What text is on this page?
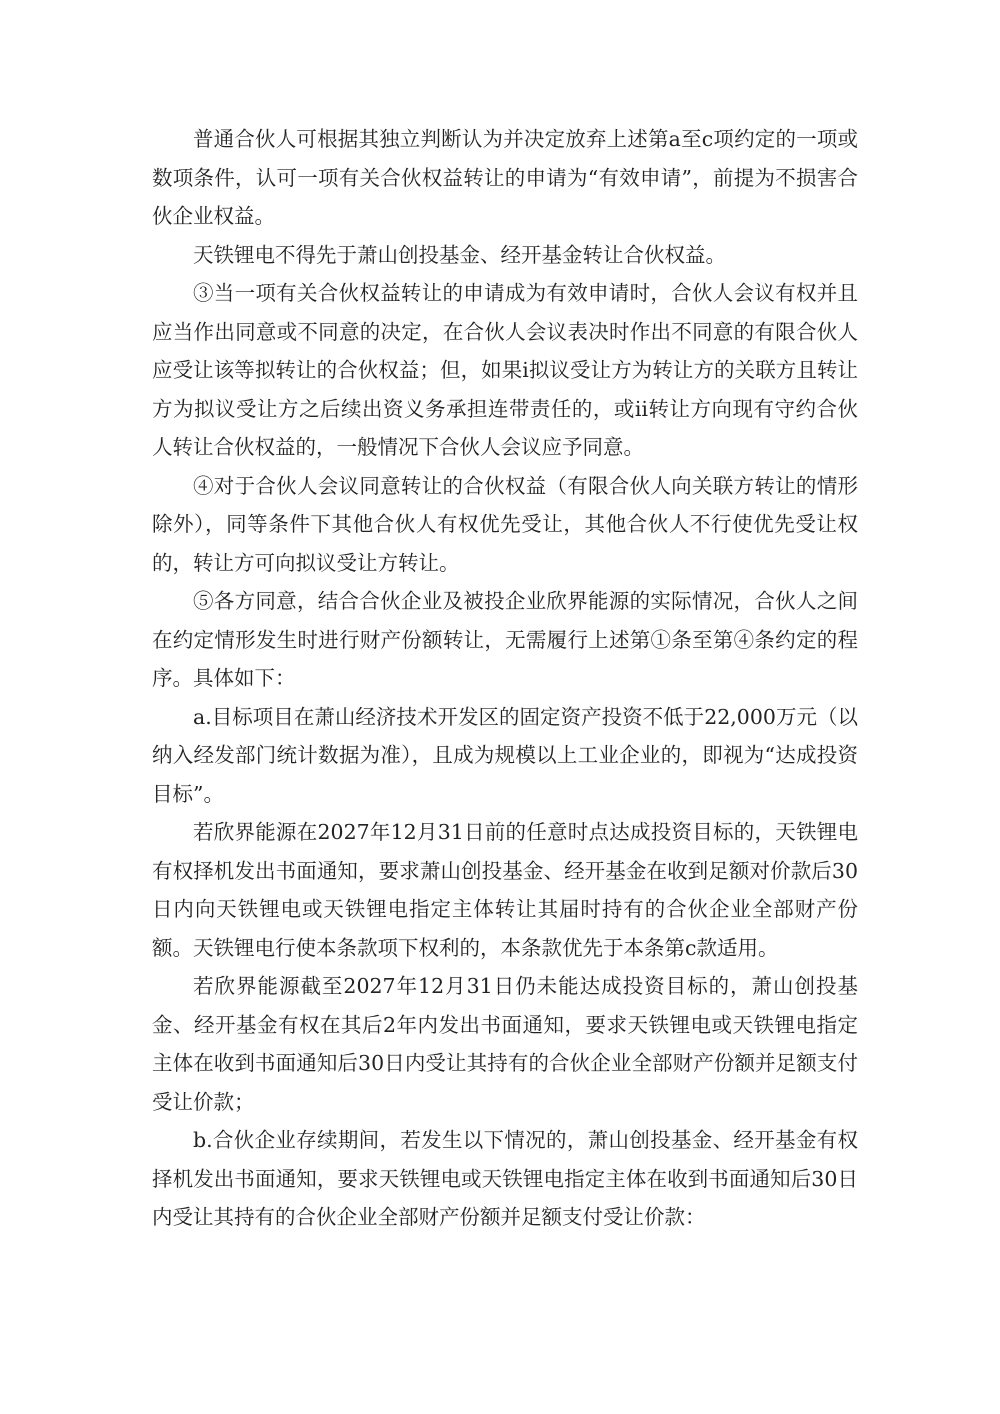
普通合伙人可根据其独立判断认为并决定放弃上述第a至c项约定的一项或数项条件，认可一项有关合伙权益转让的申请为“有效申请”，前提为不损害合伙企业权益。

天铁锂电不得先于萧山创投基金、经开基金转让合伙权益。

③当一项有关合伙权益转让的申请成为有效申请时，合伙人会议有权并且应当作出同意或不同意的决定，在合伙人会议表决时作出不同意的有限合伙人应受让该等拟转让的合伙权益；但，如果ⅰ拟议受让方为转让方的关联方且转让方为拟议受让方之后续出资义务承担连带责任的，或ⅱ转让方向现有守约合伙人转让合伙权益的，一般情况下合伙人会议应予同意。

④对于合伙人会议同意转让的合伙权益（有限合伙人向关联方转让的情形除外），同等条件下其他合伙人有权优先受让，其他合伙人不行使优先受让权的，转让方可向拟议受让方转让。

⑤各方同意，结合合伙企业及被投企业欣界能源的实际情况，合伙人之间在约定情形发生时进行财产份额转让，无需履行上述第①条至第④条约定的程序。具体如下：

a.目标项目在萧山经济技术开发区的固定资产投资不低于22,000万元（以纳入经发部门统计数据为准），且成为规模以上工业企业的，即视为“达成投资目标”。

若欣界能源在2027年12月31日前的任意时点达成投资目标的，天铁锂电有权择机发出书面通知，要求萧山创投基金、经开基金在收到足额对价款后30日内向天铁锂电或天铁锂电指定主体转让其届时持有的合伙企业全部财产份额。天铁锂电行使本条款项下权利的，本条款优先于本条第c款适用。

若欣界能源截至2027年12月31日仍未能达成投资目标的，萧山创投基金、经开基金有权在其后2年内发出书面通知，要求天铁锂电或天铁锂电指定主体在收到书面通知后30日内受让其持有的合伙企业全部财产份额并足额支付受让价款；

b.合伙企业存续期间，若发生以下情况的，萧山创投基金、经开基金有权择机发出书面通知，要求天铁锂电或天铁锂电指定主体在收到书面通知后30日内受让其持有的合伙企业全部财产份额并足额支付受让价款：
